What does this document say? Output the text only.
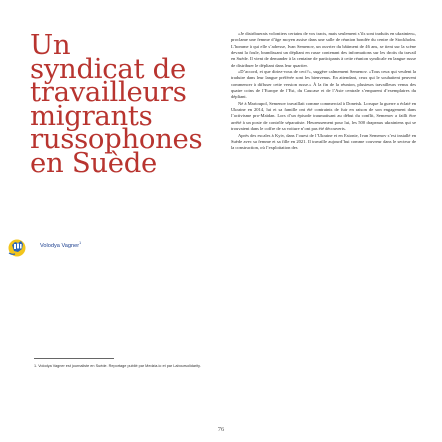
Un
syndicat de
travailleurs
migrants
russophones
en Suède
Volodya Vagner$^1$
1. Volodya Vagner est journaliste en Suède. Reportage publié par Medzia.io et par Laboursolidarity.

«Je distribuerais volontiers certains de vos tracts, mais seulement s’ils sont traduits en ukrainien», proclame une femme d’âge moyen assise dans une salle de réunion bondée du centre de Stockholm. L’homme à qui elle s’adresse, Ivan Semenov, un ouvrier du bâtiment de 46 ans, se tient sur la scène devant la foule, brandissant un dépliant en russe contenant des informations sur les droits du travail en Suède. Il vient de demander à la centaine de participants à cette réunion syndicale en langue russe de distribuer le dépliant dans leur quartier.

«D’accord, et que diriez-vous de ceci?», suggère calmement Semenov. «Tous ceux qui veulent la traduire dans leur langue préférée sont les bienvenus. En attendant, ceux qui le souhaitent peuvent commencer à diffuser cette version russe.» À la fin de la réunion, plusieurs travailleurs venus des quatre coins de l’Europe de l’Est, du Caucase et de l’Asie centrale s’emparent d’exemplaires du dépliant.

Né à Marioupol, Semenov travaillait comme commercial à Donetsk. Lorsque la guerre a éclaté en Ukraine en 2014, lui et sa famille ont été contraints de fuir en raison de son engagement dans l’activisme pro-Maïdan. Lors d’un épisode traumatisant au début du conflit, Semenov a failli être arrêté à un poste de contrôle séparatiste. Heureusement pour lui, les 500 drapeaux ukrainiens qui se trouvaient dans le coffre de sa voiture n’ont pas été découverts.

Après des escales à Kyiv, dans l’ouest de l’Ukraine et en Estonie, Ivan Semenov s’est installé en Suède avec sa femme et sa fille en 2021. Il travaille aujourd’hui comme couvreur dans le secteur de la construction, où l’exploitation des

76
